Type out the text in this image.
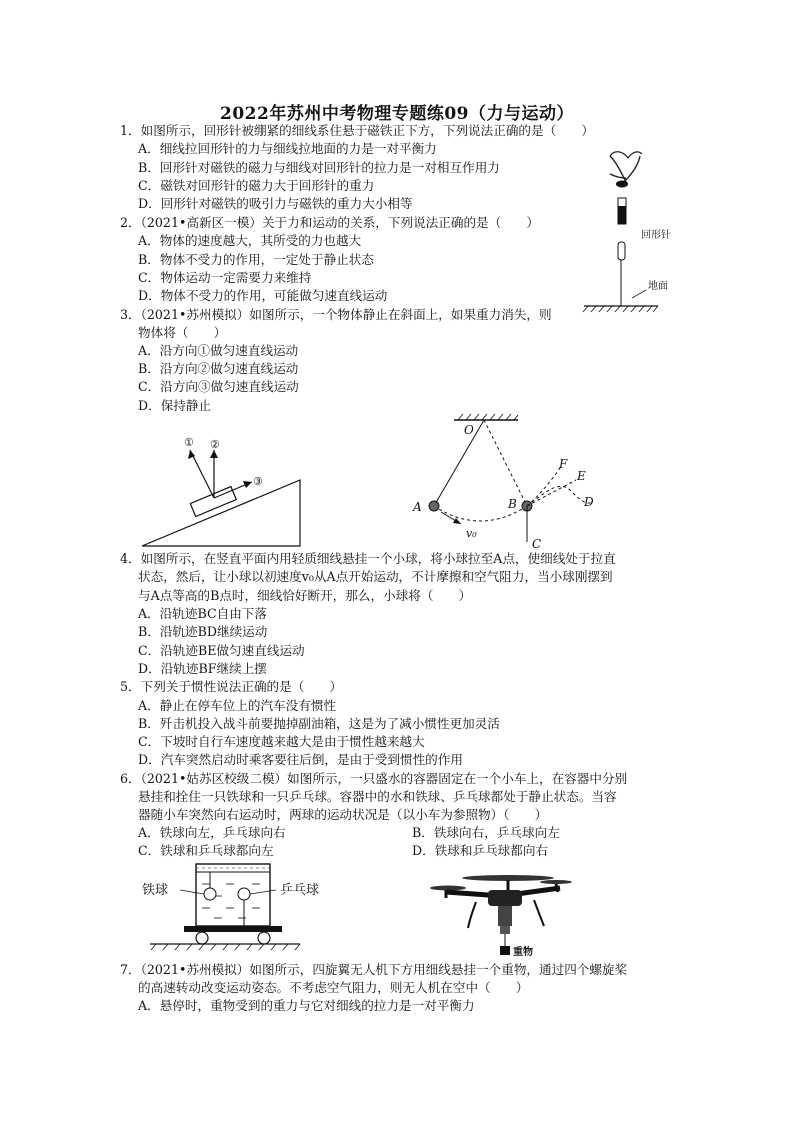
2022年苏州中考物理专题练09（力与运动）
1．如图所示，回形针被绷紧的细线系住悬于磁铁正下方，下列说法正确的是（　　）
A．细线拉回形针的力与细线拉地面的力是一对平衡力
B．回形针对磁铁的磁力与细线对回形针的拉力是一对相互作用力
C．磁铁对回形针的磁力大于回形针的重力
D．回形针对磁铁的吸引力与磁铁的重力大小相等
2．（2021•高新区一模）关于力和运动的关系，下列说法正确的是（　　）
A．物体的速度越大，其所受的力也越大
B．物体不受力的作用，一定处于静止状态
C．物体运动一定需要力来维持
D．物体不受力的作用，可能做匀速直线运动
3．（2021•苏州模拟）如图所示，一个物体静止在斜面上，如果重力消失，则
物体将（　　）
A．沿方向①做匀速直线运动
B．沿方向②做匀速直线运动
C．沿方向③做匀速直线运动
D．保持静止
4．如图所示，在竖直平面内用轻质细线悬挂一个小球，将小球拉至A点，使细线处于拉直
状态，然后，让小球以初速度v₀从A点开始运动，不计摩擦和空气阻力，当小球刚摆到
与A点等高的B点时，细线恰好断开，那么，小球将（　　）
A．沿轨迹BC自由下落
B．沿轨迹BD继续运动
C．沿轨迹BE做匀速直线运动
D．沿轨迹BF继续上摆
5．下列关于惯性说法正确的是（　　）
A．静止在停车位上的汽车没有惯性
B．歼击机投入战斗前要抛掉副油箱，这是为了减小惯性更加灵活
C．下坡时自行车速度越来越大是由于惯性越来越大
D．汽车突然启动时乘客要往后倒，是由于受到惯性的作用
6．（2021•姑苏区校级二模）如图所示，一只盛水的容器固定在一个小车上，在容器中分别
悬挂和拴住一只铁球和一只乒乓球。容器中的水和铁球、乒乓球都处于静止状态。当容
器随小车突然向右运动时，两球的运动状况是（以小车为参照物）（　　）
A．铁球向左，乒乓球向右	B．铁球向右，乒乓球向左
C．铁球和乒乓球都向左	D．铁球和乒乓球都向右
7．（2021•苏州模拟）如图所示，四旋翼无人机下方用细线悬挂一个重物，通过四个螺旋桨
的高速转动改变运动姿态。不考虑空气阻力，则无人机在空中（　　）
A．悬停时，重物受到的重力与它对细线的拉力是一对平衡力
回形针
地面
① ②
③
O
A	B
C
D
E
F
v₀
铁球	乒乓球
重物
